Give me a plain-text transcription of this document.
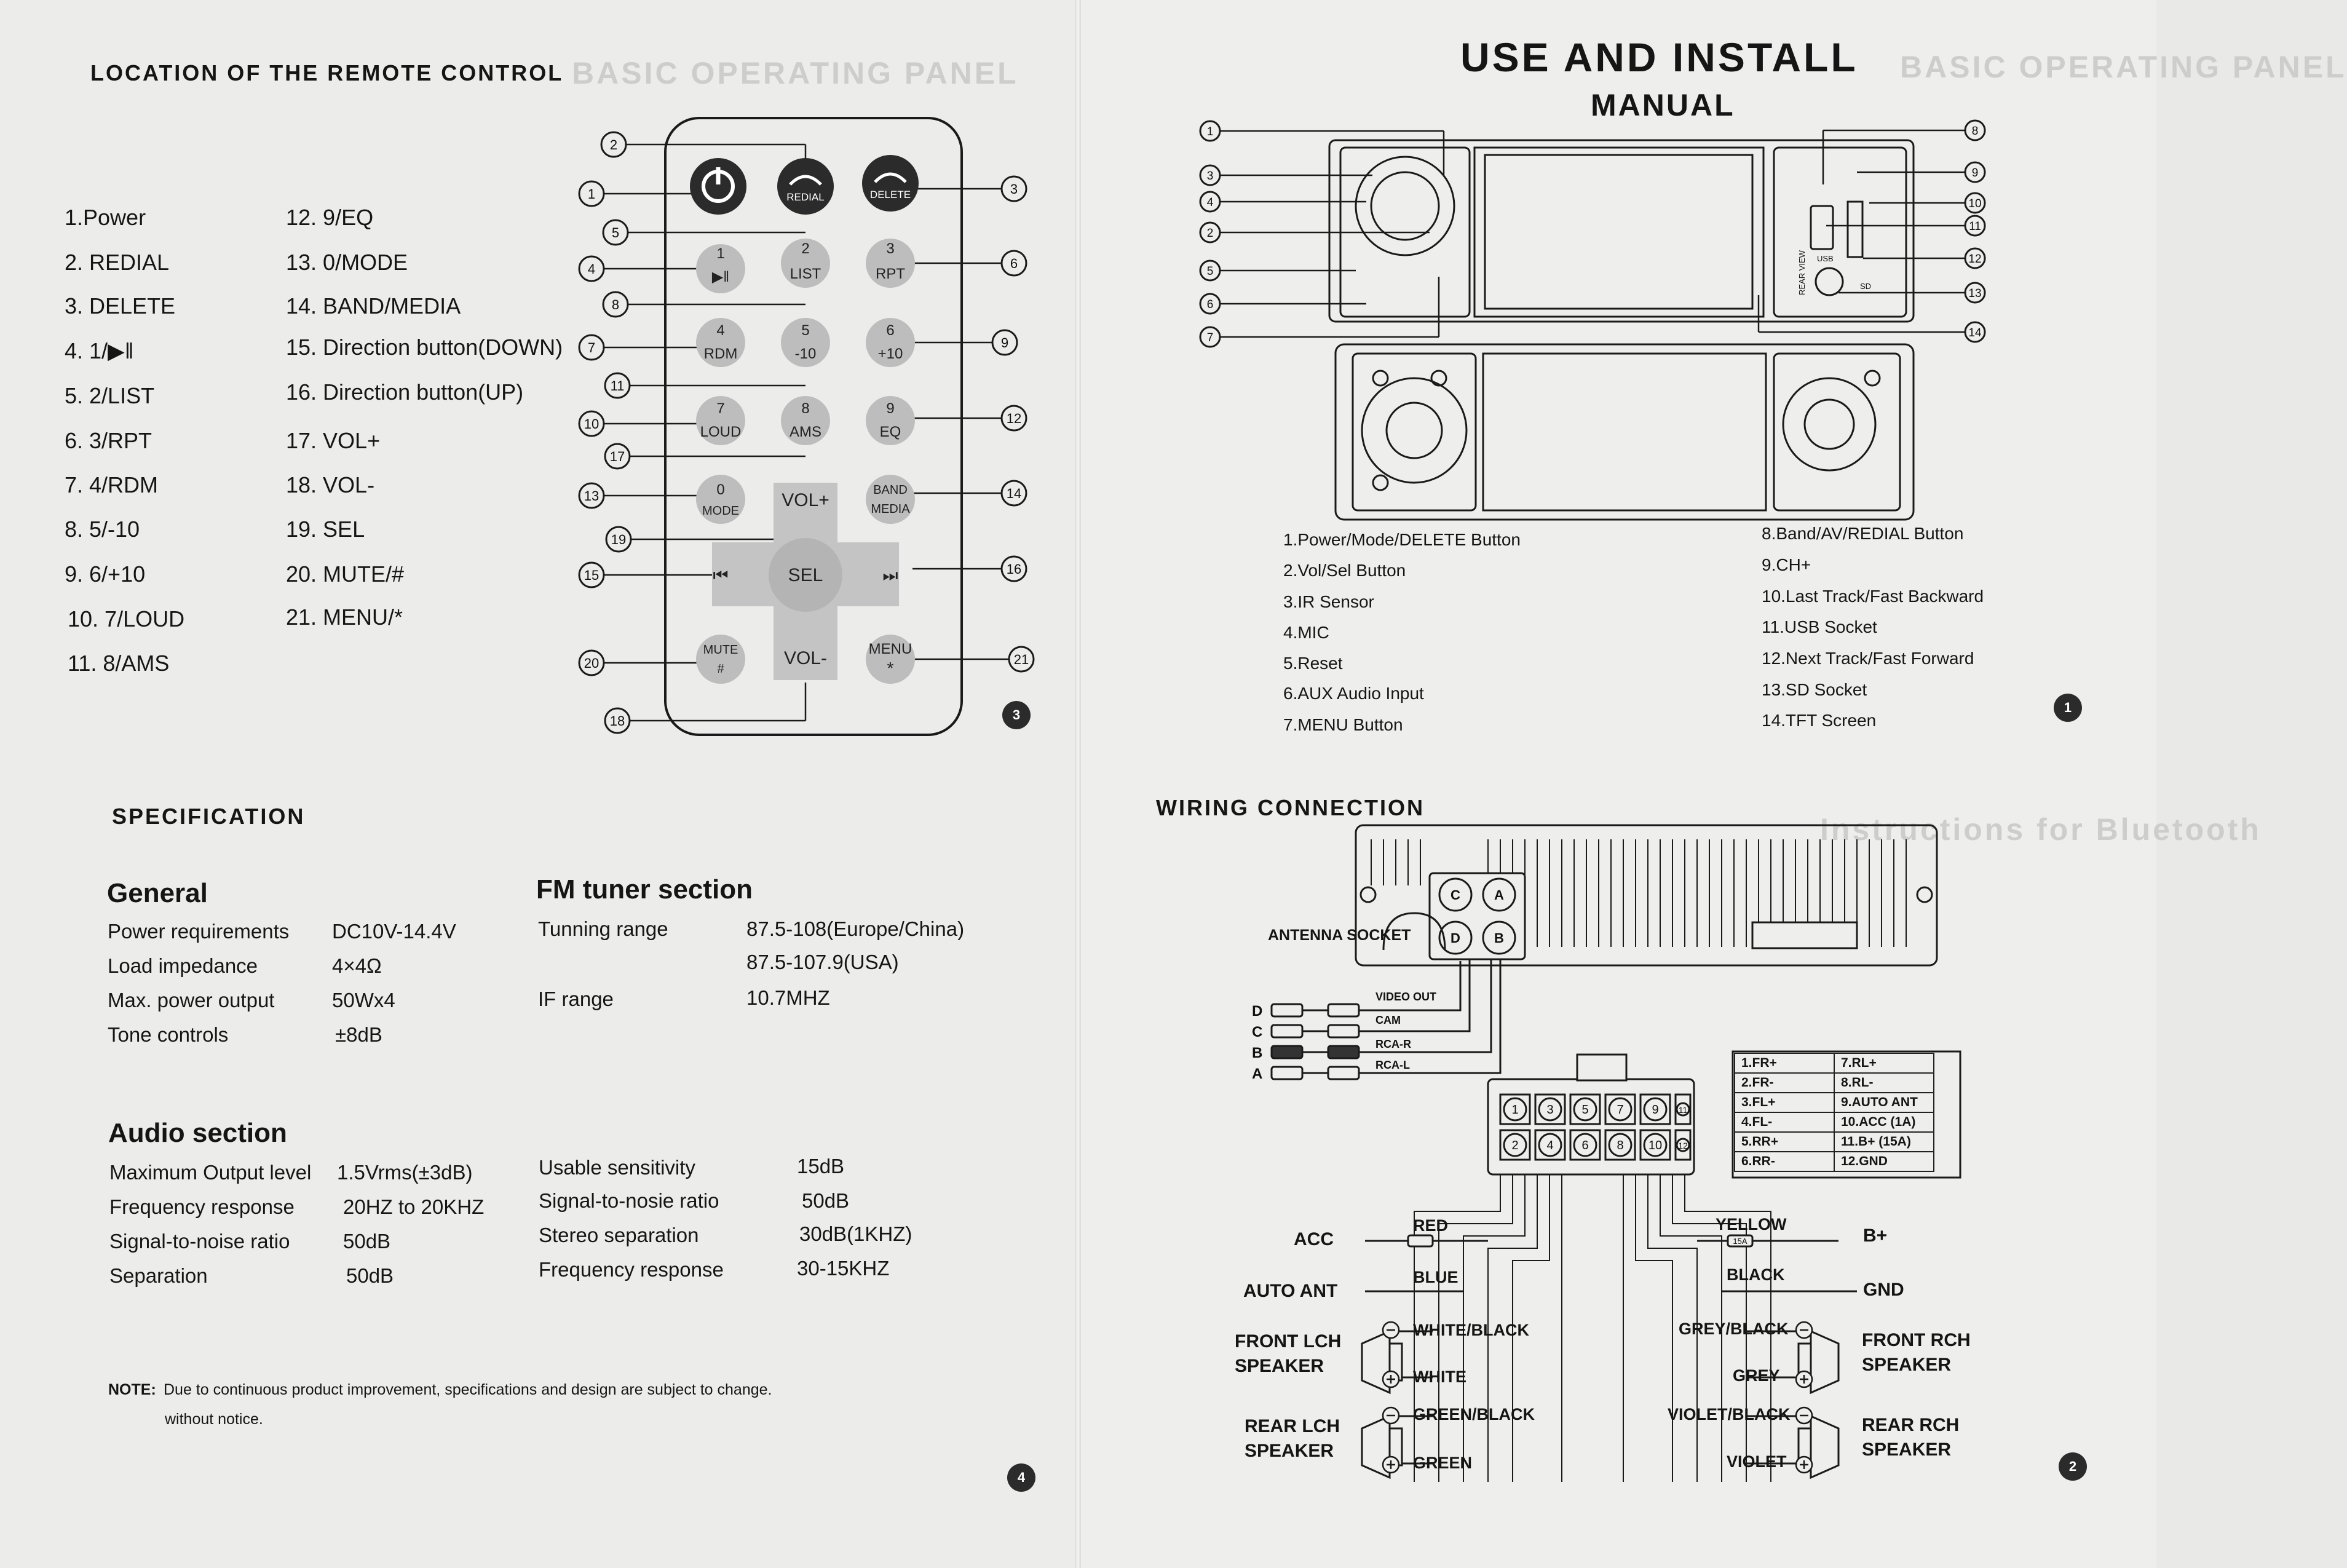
BASIC OPERATING PANEL	BASIC OPERATING PANEL
Instructions for Bluetooth
LOCATION OF THE REMOTE CONTROL
1.Power
2. REDIAL
3. DELETE
4. 1/▶‖
5. 2/LIST
6. 3/RPT
7. 4/RDM
8. 5/-10
9. 6/+10
10. 7/LOUD
11. 8/AMS
12. 9/EQ
13. 0/MODE
14. BAND/MEDIA
15. Direction button(DOWN)
16. Direction button(UP)
17. VOL+
18. VOL-
19. SEL
20. MUTE/#
21. MENU/*
REDIAL	DELETE
1
▶‖
2
LIST
3
RPT
4
RDM
5
-10
6
+10
7
LOUD
8
AMS
9
EQ
0
MODE
BAND
MEDIA
VOL+
VOL-
SEL
⏮	⏭
MUTE
#
MENU
*
2
1	3
5
4	6
8
7	9
11
10	12
17
13	14
19
15	16
20	21
18	3
SPECIFICATION
General
Power requirements DC10V-14.4V
Load impedance	4×4Ω
Max. power output	50Wx4
Tone controls	±8dB
FM tuner section
Tunning range	87.5-108(Europe/China)
87.5-107.9(USA)
IF range	10.7MHZ
Audio section
Maximum Output level 1.5Vrms(±3dB)
Frequency response 20HZ to 20KHZ
Signal-to-noise ratio	50dB
Separation	50dB
Usable sensitivity	15dB
Signal-to-nosie ratio	50dB
Stereo separation	30dB(1KHZ)
Frequency response	30-15KHZ
NOTE: Due to continuous product improvement, specifications and design are subject to change.
without notice.
4
USE AND INSTALL
MANUAL
1
3
4
2
5
6
7
8
9
10
11
12
13
14
REAR VIEW USB
SD
1.Power/Mode/DELETE Button
2.Vol/Sel Button
3.IR Sensor
4.MIC
5.Reset
6.AUX Audio Input
7.MENU Button
8.Band/AV/REDIAL Button
9.CH+
10.Last Track/Fast Backward
11.USB Socket
12.Next Track/Fast Forward
13.SD Socket
14.TFT Screen
1
WIRING CONNECTION
C	A
D	B
1 3 5 7 9 11
2 4 6 8 10 12
D
C
B
A
VIDEO OUT
CAM
RCA-R
RCA-L
15A
ANTENNA SOCKET
1.FR+	7.RL+
2.FR-	8.RL-
3.FL+	9.AUTO ANT
4.FL-	10.ACC (1A)
5.RR+	11.B+ (15A)
6.RR-	12.GND
ACC
RED
AUTO ANT
BLUE
FRONT LCH
SPEAKER
WHITE/BLACK
WHITE
REAR LCH
SPEAKER
GREEN/BLACK
GREEN
B+
YELLOW
GND
BLACK
FRONT RCH
SPEAKER
GREY/BLACK
GREY
REAR RCH
SPEAKER
VIOLET/BLACK
VIOLET	2
